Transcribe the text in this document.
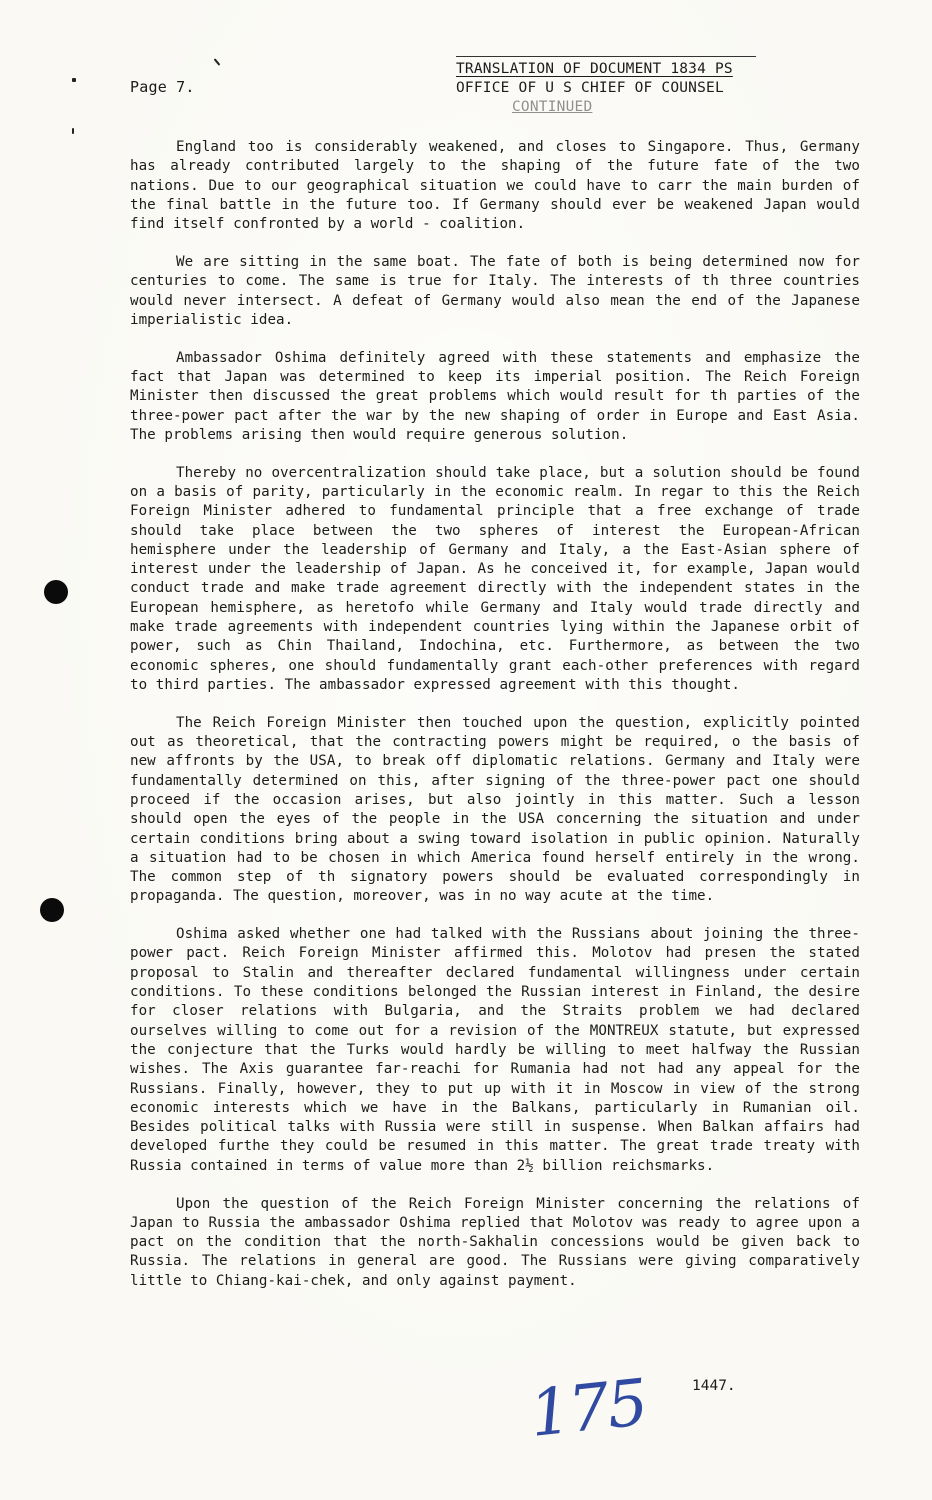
Page 7.
TRANSLATION OF DOCUMENT 1834 PS
OFFICE OF U S CHIEF OF COUNSEL
CONTINUED

England too is considerably weakened, and closes to Singapore. Thus, Germany has already contributed largely to the shaping of the future fate of the two nations. Due to our geographical situation we could have to carr the main burden of the final battle in the future too. If Germany should ever be weakened Japan would find itself confronted by a world - coalition.

We are sitting in the same boat. The fate of both is being determined now for centuries to come. The same is true for Italy. The interests of th three countries would never intersect. A defeat of Germany would also mean the end of the Japanese imperialistic idea.

Ambassador Oshima definitely agreed with these statements and emphasize the fact that Japan was determined to keep its imperial position. The Reich Foreign Minister then discussed the great problems which would result for th parties of the three-power pact after the war by the new shaping of order in Europe and East Asia. The problems arising then would require generous solution.

Thereby no overcentralization should take place, but a solution should be found on a basis of parity, particularly in the economic realm. In regar to this the Reich Foreign Minister adhered to fundamental principle that a free exchange of trade should take place between the two spheres of interest the European-African hemisphere under the leadership of Germany and Italy, a the East-Asian sphere of interest under the leadership of Japan. As he conceived it, for example, Japan would conduct trade and make trade agreement directly with the independent states in the European hemisphere, as heretofo while Germany and Italy would trade directly and make trade agreements with independent countries lying within the Japanese orbit of power, such as Chin Thailand, Indochina, etc. Furthermore, as between the two economic spheres, one should fundamentally grant each-other preferences with regard to third parties. The ambassador expressed agreement with this thought.

The Reich Foreign Minister then touched upon the question, explicitly pointed out as theoretical, that the contracting powers might be required, o the basis of new affronts by the USA, to break off diplomatic relations. Germany and Italy were fundamentally determined on this, after signing of the three-power pact one should proceed if the occasion arises, but also jointly in this matter. Such a lesson should open the eyes of the people in the USA concerning the situation and under certain conditions bring about a swing toward isolation in public opinion. Naturally a situation had to be chosen in which America found herself entirely in the wrong. The common step of th signatory powers should be evaluated correspondingly in propaganda. The question, moreover, was in no way acute at the time.

Oshima asked whether one had talked with the Russians about joining the three-power pact. Reich Foreign Minister affirmed this. Molotov had presen the stated proposal to Stalin and thereafter declared fundamental willingness under certain conditions. To these conditions belonged the Russian interest in Finland, the desire for closer relations with Bulgaria, and the Straits problem we had declared ourselves willing to come out for a revision of the MONTREUX statute, but expressed the conjecture that the Turks would hardly be willing to meet halfway the Russian wishes. The Axis guarantee far-reachi for Rumania had not had any appeal for the Russians. Finally, however, they to put up with it in Moscow in view of the strong economic interests which we have in the Balkans, particularly in Rumanian oil. Besides political talks with Russia were still in suspense. When Balkan affairs had developed furthe they could be resumed in this matter. The great trade treaty with Russia contained in terms of value more than 2½ billion reichsmarks.

Upon the question of the Reich Foreign Minister concerning the relations of Japan to Russia the ambassador Oshima replied that Molotov was ready to agree upon a pact on the condition that the north-Sakhalin concessions would be given back to Russia. The relations in general are good. The Russians were giving comparatively little to Chiang-kai-chek, and only against payment.

175	1447.
